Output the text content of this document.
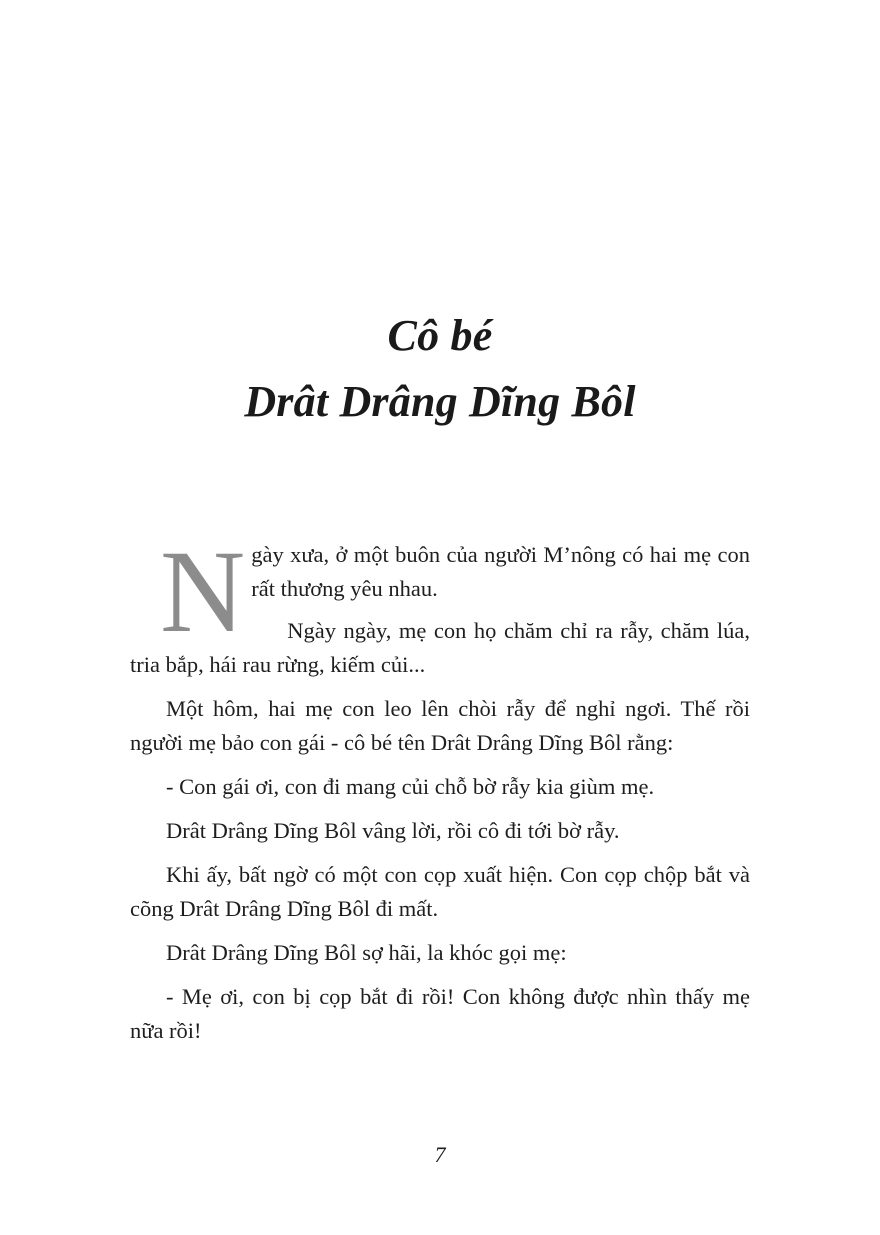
Cô bé
Drât Drâng Dĩng Bôl

Ngày xưa, ở một buôn của người M’nông có hai mẹ con rất thương yêu nhau.

Ngày ngày, mẹ con họ chăm chỉ ra rẫy, chăm lúa, tria bắp, hái rau rừng, kiếm củi...

Một hôm, hai mẹ con leo lên chòi rẫy để nghỉ ngơi. Thế rồi người mẹ bảo con gái - cô bé tên Drât Drâng Dĩng Bôl rằng:

- Con gái ơi, con đi mang củi chỗ bờ rẫy kia giùm mẹ.

Drât Drâng Dĩng Bôl vâng lời, rồi cô đi tới bờ rẫy.

Khi ấy, bất ngờ có một con cọp xuất hiện. Con cọp chộp bắt và cõng Drât Drâng Dĩng Bôl đi mất.

Drât Drâng Dĩng Bôl sợ hãi, la khóc gọi mẹ:

- Mẹ ơi, con bị cọp bắt đi rồi! Con không được nhìn thấy mẹ nữa rồi!

7
